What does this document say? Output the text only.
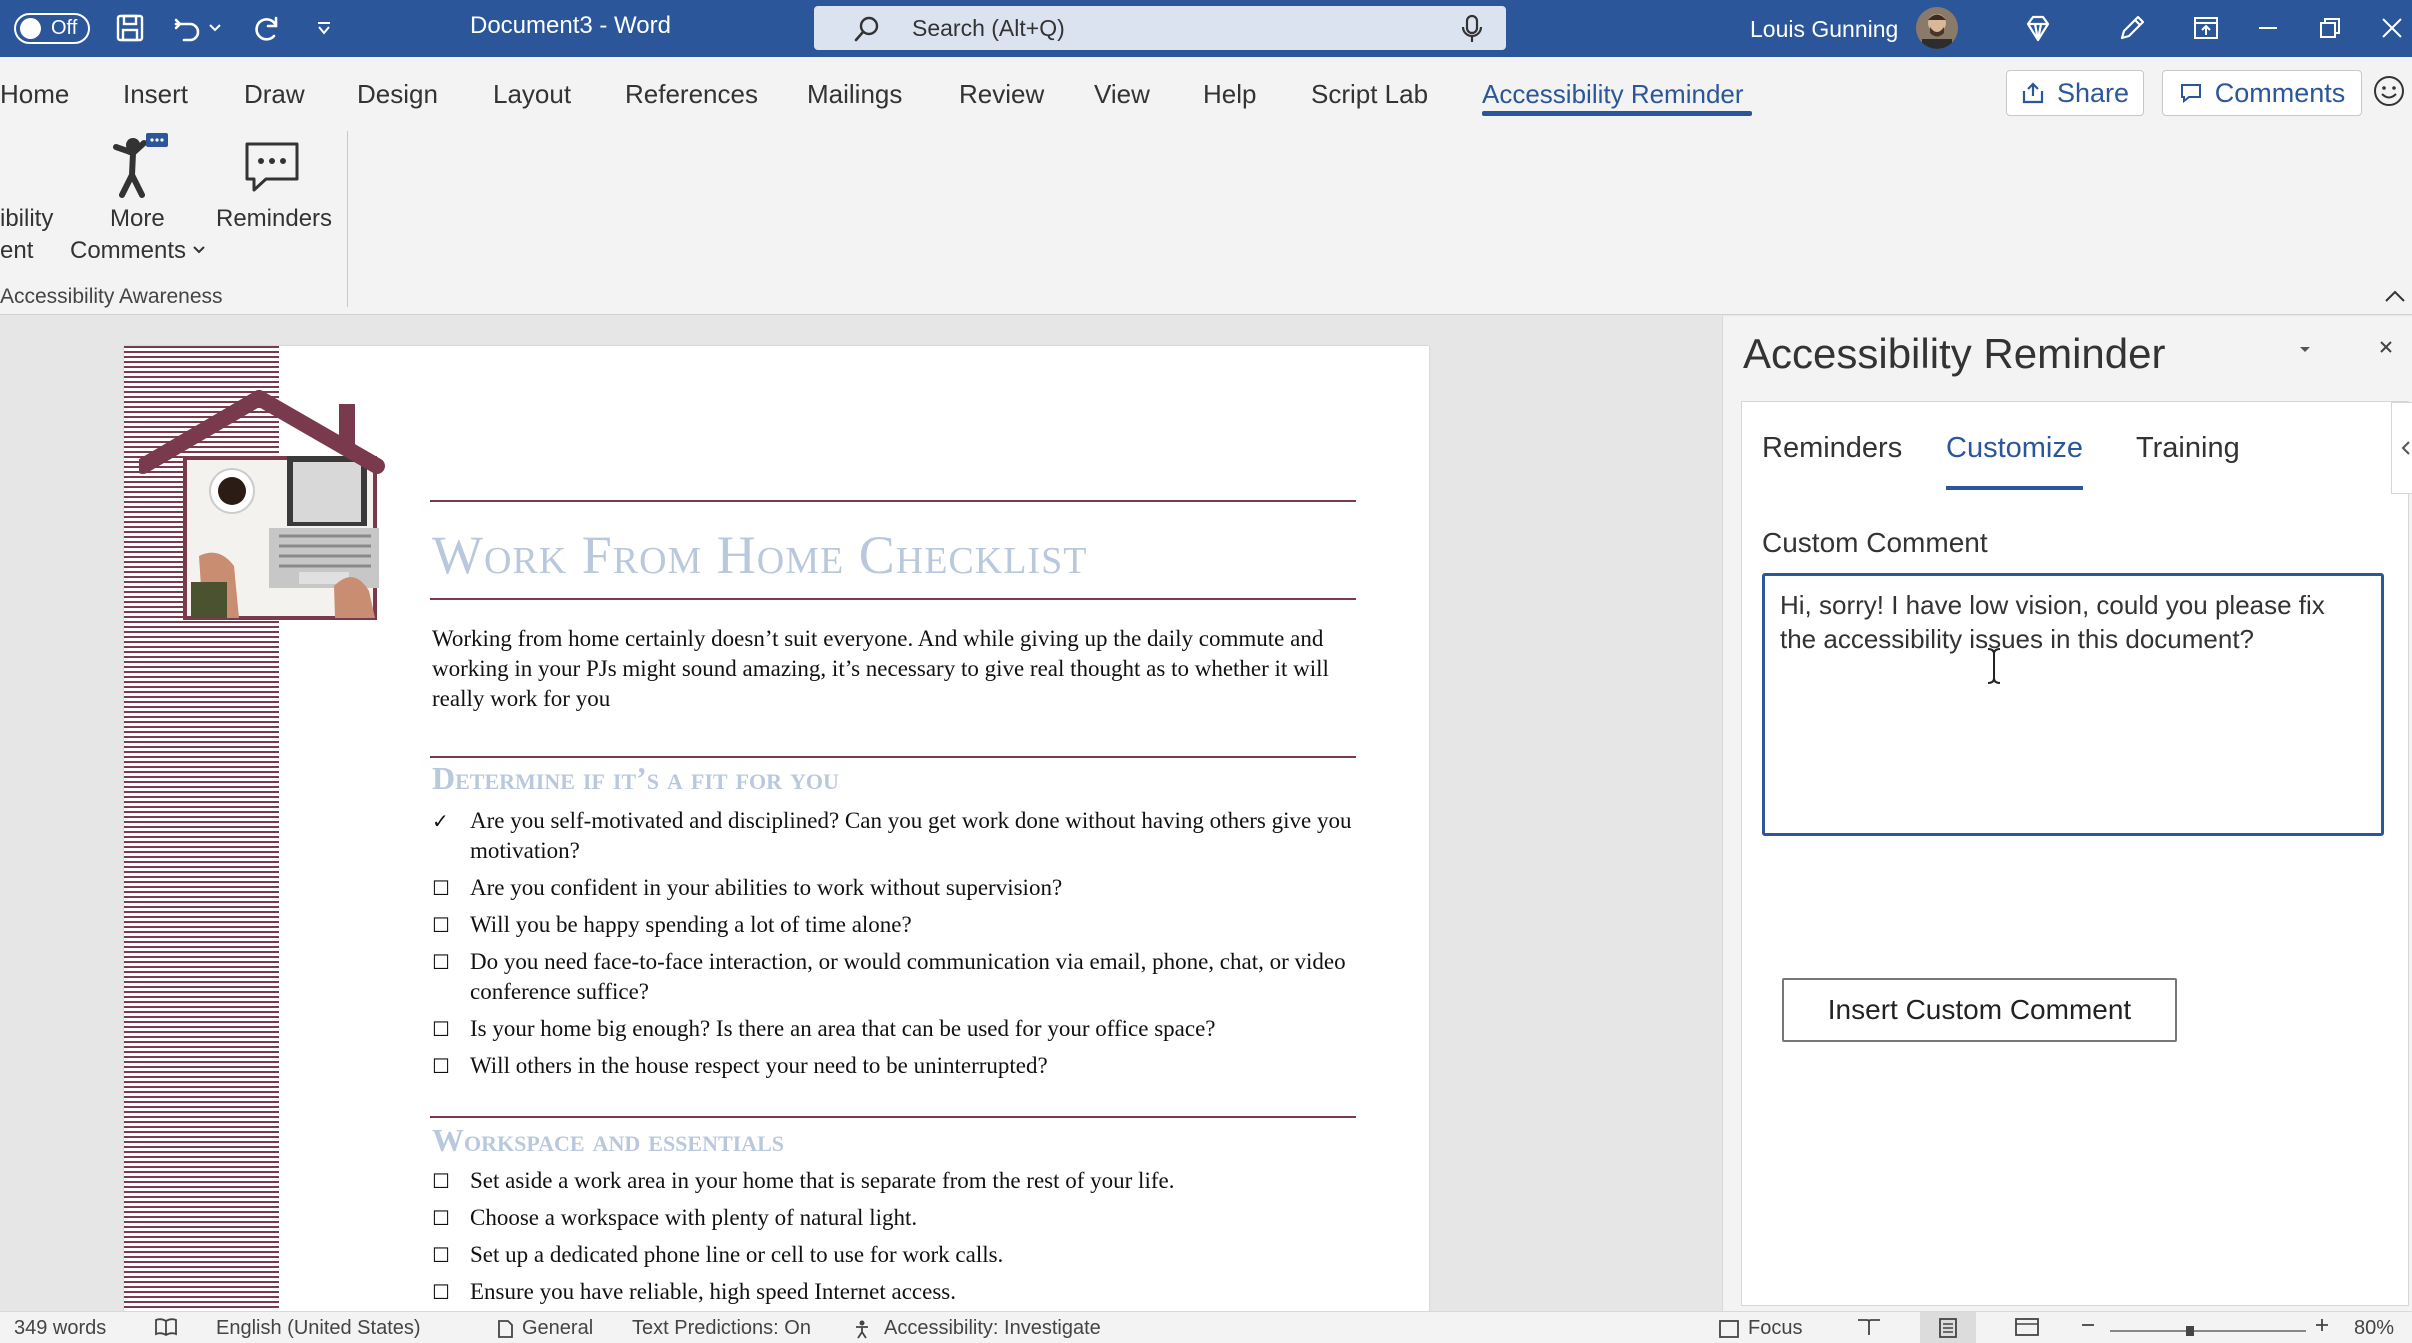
Off	Document3 - Word	Search (Alt+Q)	Louis Gunning
Home Insert Draw Design Layout References Mailings Review View Help Script Lab Accessibility Reminder	Share	Comments
ibility
ent
More
Comments
Reminders
Accessibility Awareness
Work From Home Checklist

Working from home certainly doesn’t suit everyone. And while giving up the daily commute and working in your PJs might sound amazing, it’s necessary to give real thought as to whether it will really work for you

Determine if it’s a fit for you
✓ Are you self-motivated and disciplined? Can you get work done without having others give you motivation?
☐ Are you confident in your abilities to work without supervision?
☐ Will you be happy spending a lot of time alone?
☐ Do you need face-to-face interaction, or would communication via email, phone, chat, or video conference suffice?
☐ Is your home big enough? Is there an area that can be used for your office space?
☐ Will others in the house respect your need to be uninterrupted?
Workspace and essentials
☐ Set aside a work area in your home that is separate from the rest of your life.
☐ Choose a workspace with plenty of natural light.
☐ Set up a dedicated phone line or cell to use for work calls.
☐ Ensure you have reliable, high speed Internet access.
Accessibility Reminder
Reminders Customize Training
Custom Comment
Hi, sorry! I have low vision, could you please fix the accessibility issues in this document?
Insert Custom Comment
349 words	English (United States)	General Text Predictions: On	Accessibility: Investigate	Focus	80%
